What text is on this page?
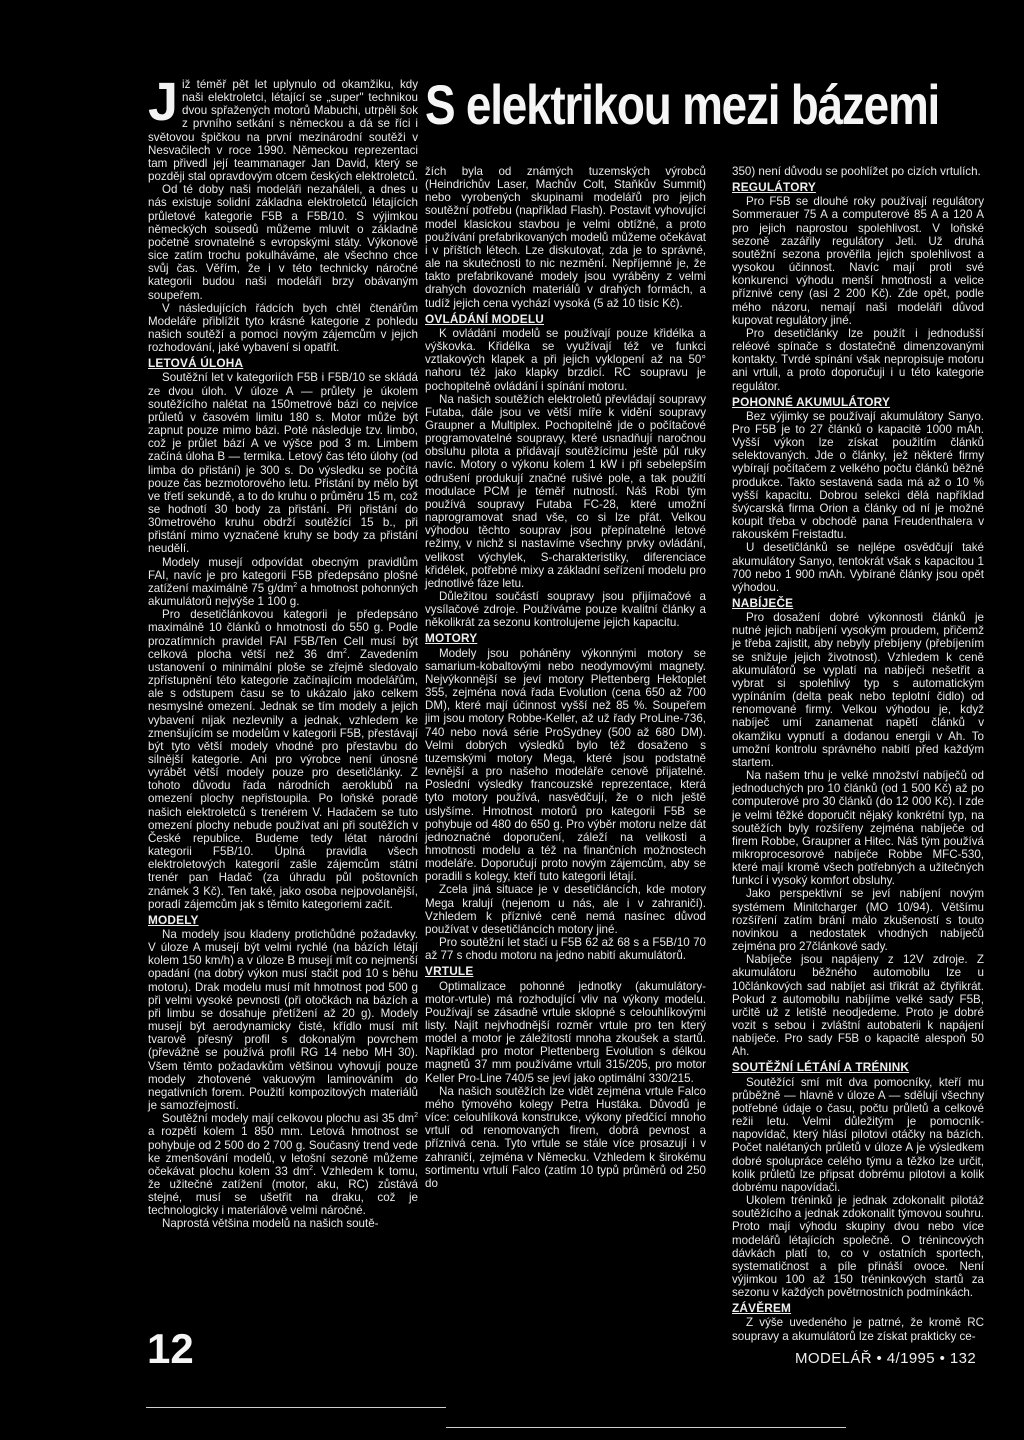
S elektrikou mezi bázemi

Již téměř pět let uplynulo od okamžiku, kdy naši elektroletci, létající se „super" technikou dvou spřažených motorů Mabuchi, utrpěli šok z prvního setkání s německou a dá se říci i světovou špičkou na první mezinárodní soutěži v Nesvačilech v roce 1990. Německou reprezentaci tam přivedl její teammanager Jan David, který se později stal opravdovým otcem českých elektroletců.

Od té doby naši modeláři nezaháleli, a dnes u nás existuje solidní základna elektroletců létajících průletové kategorie F5B a F5B/10. S výjimkou německých sousedů můžeme mluvit o základně početně srovnatelné s evropskými státy. Výkonově sice zatím trochu pokulháváme, ale všechno chce svůj čas. Věřím, že i v této technicky náročné kategorii budou naši modeláři brzy obávaným soupeřem.

V následujících řádcích bych chtěl čtenářům Modeláře přiblížit tyto krásné kategorie z pohledu našich soutěží a pomoci novým zájemcům v jejich rozhodování, jaké vybavení si opatřit.

LETOVÁ ÚLOHA

Soutěžní let v kategoriích F5B i F5B/10 se skládá ze dvou úloh. V úloze A — průlety je úkolem soutěžícího nalétat na 150metrové bázi co nejvíce průletů v časovém limitu 180 s. Motor může být zapnut pouze mimo bázi. Poté následuje tzv. limbo, což je průlet bází A ve výšce pod 3 m. Limbem začíná úloha B — termika. Letový čas této úlohy (od limba do přistání) je 300 s. Do výsledku se počítá pouze čas bezmotorového letu. Přistání by mělo být ve třetí sekundě, a to do kruhu o průměru 15 m, což se hodnotí 30 body za přistání. Při přistání do 30metrového kruhu obdrží soutěžící 15 b., při přistání mimo vyznačené kruhy se body za přistání neudělí.

Modely musejí odpovídat obecným pravidlům FAI, navíc je pro kategorii F5B předepsáno plošné zatížení maximálně 75 $g/dm^2$ a hmotnost pohonných akumulátorů nejvýše 1 100 g.

Pro desetičlánkovou kategorii je předepsáno maximálně 10 článků o hmotnosti do 550 g. Podle prozatímních pravidel FAI F5B/Ten Cell musí být celková plocha větší než 36 $dm^2$. Zavedením ustanovení o minimální ploše se zřejmě sledovalo zpřístupnění této kategorie začínajícím modelářům, ale s odstupem času se to ukázalo jako celkem nesmyslné omezení. Jednak se tím modely a jejich vybavení nijak nezlevnily a jednak, vzhledem ke zmenšujícím se modelům v kategorii F5B, přestávají být tyto větší modely vhodné pro přestavbu do silnější kategorie. Ani pro výrobce není únosné vyrábět větší modely pouze pro desetičlánky. Z tohoto důvodu řada národních aeroklubů na omezení plochy nepřistoupila. Po loňské poradě našich elektroletců s trenérem V. Hadačem se tuto omezení plochy nebude používat ani při soutěžích v České republice. Budeme tedy létat národní kategorii F5B/10. Úplná pravidla všech elektroletových kategorií zašle zájemcům státní trenér pan Hadač (za úhradu půl poštovních známek 3 Kč). Ten také, jako osoba nejpovolanější, poradí zájemcům jak s těmito kategoriemi začít.

MODELY

Na modely jsou kladeny protichůdné požadavky. V úloze A musejí být velmi rychlé (na bázích létají kolem 150 km/h) a v úloze B musejí mít co nejmenší opadání (na dobrý výkon musí stačit pod 10 s běhu motoru). Drak modelu musí mít hmotnost pod 500 g při velmi vysoké pevnosti (při otočkách na bázích a při limbu se dosahuje přetížení až 20 g). Modely musejí být aerodynamicky čisté, křídlo musí mít tvarově přesný profil s dokonalým povrchem (převážně se používá profil RG 14 nebo MH 30). Všem těmto požadavkům většinou vyhovují pouze modely zhotovené vakuovým laminováním do negativních forem. Použití kompozitových materiálů je samozřejmostí.

Soutěžní modely mají celkovou plochu asi 35 $dm^2$ a rozpětí kolem 1 850 mm. Letová hmotnost se pohybuje od 2 500 do 2 700 g. Současný trend vede ke zmenšování modelů, v letošní sezoně můžeme očekávat plochu kolem 33 $dm^2$. Vzhledem k tomu, že užitečné zatížení (motor, aku, RC) zůstává stejné, musí se ušetřit na draku, což je technologicky i materiálově velmi náročné.

Naprostá většina modelů na našich soutě-

žích byla od známých tuzemských výrobců (Heindrichův Laser, Machův Colt, Staňkův Summit) nebo vyrobených skupinami modelářů pro jejich soutěžní potřebu (například Flash). Postavit vyhovující model klasickou stavbou je velmi obtížné, a proto používání prefabrikovaných modelů můžeme očekávat i v příštích létech. Lze diskutovat, zda je to správné, ale na skutečnosti to nic nezmění. Nepříjemné je, že takto prefabrikované modely jsou vyráběny z velmi drahých dovozních materiálů v drahých formách, a tudíž jejich cena vychází vysoká (5 až 10 tisíc Kč).

OVLÁDÁNÍ MODELU

K ovládání modelů se používají pouze křidélka a výškovka. Křidélka se využívají též ve funkci vztlakových klapek a při jejich vyklopení až na 50° nahoru též jako klapky brzdicí. RC soupravu je pochopitelně ovládání i spínání motoru.

Na našich soutěžích elektroletů převládají soupravy Futaba, dále jsou ve větší míře k vidění soupravy Graupner a Multiplex. Pochopitelně jde o počítačové programovatelné soupravy, které usnadňují naročnou obsluhu pilota a přidávají soutěžícímu ještě půl ruky navíc. Motory o výkonu kolem 1 kW i při sebelepším odrušení produkují značné rušivé pole, a tak použití modulace PCM je téměř nutností. Náš Robi tým používá soupravy Futaba FC-28, které umožní naprogramovat snad vše, co si lze přát. Velkou výhodou těchto souprav jsou přepínatelné letové režimy, v nichž si nastavíme všechny prvky ovládání, velikost výchylek, S-charakteristiky, diferenciace křidélek, potřebné mixy a základní seřízení modelu pro jednotlivé fáze letu.

Důležitou součástí soupravy jsou přijímačové a vysílačové zdroje. Používáme pouze kvalitní články a několikrát za sezonu kontrolujeme jejich kapacitu.

MOTORY

Modely jsou poháněny výkonnými motory se samarium-kobaltovými nebo neodymovými magnety. Nejvýkonnější se jeví motory Plettenberg Hektoplet 355, zejména nová řada Evolution (cena 650 až 700 DM), které mají účinnost vyšší než 85 %. Soupeřem jim jsou motory Robbe-Keller, až už řady ProLine-736, 740 nebo nová série ProSydney (500 až 680 DM). Velmi dobrých výsledků bylo též dosaženo s tuzemskými motory Mega, které jsou podstatně levnější a pro našeho modeláře cenově přijatelné. Poslední výsledky francouzské reprezentace, která tyto motory používá, nasvědčují, že o nich ještě uslyšíme. Hmotnost motorů pro kategorii F5B se pohybuje od 480 do 650 g. Pro výběr motoru nelze dát jednoznačné doporučení, záleží na velikosti a hmotnosti modelu a též na finančních možnostech modeláře. Doporučují proto novým zájemcům, aby se poradili s kolegy, kteří tuto kategorii létají.

Zcela jiná situace je v desetičláncích, kde motory Mega kralují (nejenom u nás, ale i v zahraničí). Vzhledem k příznivé ceně nemá nasínec důvod používat v desetičláncích motory jiné.

Pro soutěžní let stačí u F5B 62 až 68 s a F5B/10 70 až 77 s chodu motoru na jedno nabití akumulátorů.

VRTULE

Optimalizace pohonné jednotky (akumulátory-motor-vrtule) má rozhodující vliv na výkony modelu. Používají se zásadně vrtule sklopné s celouhlíkovými listy. Najít nejvhodnější rozměr vrtule pro ten který model a motor je záležitostí mnoha zkoušek a startů. Například pro motor Plettenberg Evolution s délkou magnetů 37 mm používáme vrtuli 315/205, pro motor Keller Pro-Line 740/5 se jeví jako optimální 330/215.

Na našich soutěžích lze vidět zejména vrtule Falco mého týmového kolegy Petra Hustáka. Důvodů je více: celouhlíková konstrukce, výkony předčící mnoho vrtulí od renomovaných firem, dobrá pevnost a příznivá cena. Tyto vrtule se stále více prosazují i v zahraničí, zejména v Německu. Vzhledem k širokému sortimentu vrtulí Falco (zatím 10 typů průměrů od 250 do

350) není důvodu se poohlížet po cizích vrtulích.

REGULÁTORY

Pro F5B se dlouhé roky používají regulátory Sommerauer 75 A a computerové 85 A a 120 A pro jejich naprostou spolehlivost. V loňské sezoně zazářily regulátory Jeti. Už druhá soutěžní sezona prověřila jejich spolehlivost a vysokou účinnost. Navíc mají proti své konkurenci výhodu menší hmotnosti a velice příznivé ceny (asi 2 200 Kč). Zde opět, podle mého názoru, nemají naši modeláři důvod kupovat regulátory jiné.

Pro desetičlánky lze použít i jednodušší reléové spínače s dostatečně dimenzovanými kontakty. Tvrdé spínání však nepropisuje motoru ani vrtuli, a proto doporučuji i u této kategorie regulátor.

POHONNÉ AKUMULÁTORY

Bez výjimky se používají akumulátory Sanyo. Pro F5B je to 27 článků o kapacitě 1000 mAh. Vyšší výkon lze získat použitím článků selektovaných. Jde o články, jež některé firmy vybírají počítačem z velkého počtu článků běžné produkce. Takto sestavená sada má až o 10 % vyšší kapacitu. Dobrou selekci dělá například švýcarská firma Orion a články od ní je možné koupit třeba v obchodě pana Freudenthalera v rakouském Freistadtu.

U desetičlánků se nejlépe osvědčují také akumulátory Sanyo, tentokrát však s kapacitou 1 700 nebo 1 900 mAh. Vybírané články jsou opět výhodou.

NABÍJEČE

Pro dosažení dobré výkonnosti článků je nutné jejich nabíjení vysokým proudem, přičemž je třeba zajistit, aby nebyly přebíjeny (přebíjením se snižuje jejich životnost). Vzhledem k ceně akumulátorů se vyplatí na nabíječi nešetřit a vybrat si spolehlivý typ s automatickým vypínáním (delta peak nebo teplotní čidlo) od renomované firmy. Velkou výhodou je, když nabíječ umí zanamenat napětí článků v okamžiku vypnutí a dodanou energii v Ah. To umožní kontrolu správného nabití před každým startem.

Na našem trhu je velké množství nabíječů od jednoduchých pro 10 článků (od 1 500 Kč) až po computerové pro 30 článků (do 12 000 Kč). I zde je velmi těžké doporučit nějaký konkrétní typ, na soutěžích byly rozšířeny zejména nabíječe od firem Robbe, Graupner a Hitec. Náš tým používá mikroprocesorové nabíječe Robbe MFC-530, které mají kromě všech potřebných a užitečných funkcí i vysoký komfort obsluhy.

Jako perspektivní se jeví nabíjení novým systémem Minitcharger (MO 10/94). Většímu rozšíření zatím brání málo zkušeností s touto novinkou a nedostatek vhodných nabíječů zejména pro 27článkové sady.

Nabíječe jsou napájeny z 12V zdroje. Z akumulátoru běžného automobilu lze u 10článkových sad nabíjet asi třikrát až čtyřikrát. Pokud z automobilu nabíjíme velké sady F5B, určitě už z letiště neodjedeme. Proto je dobré vozit s sebou i zvláštní autobaterii k napájení nabíječe. Pro sady F5B o kapacitě alespoň 50 Ah.

SOUTĚŽNÍ LÉTÁNÍ A TRÉNINK

Soutěžící smí mít dva pomocníky, kteří mu průběžně — hlavně v úloze A — sdělují všechny potřebné údaje o času, počtu průletů a celkové režii letu. Velmi důležitým je pomocník-napovídač, který hlásí pilotovi otáčky na bázích. Počet nalétaných průletů v úloze A je výsledkem dobré spolupráce celého týmu a těžko lze určit, kolik průletů lze připsat dobrému pilotovi a kolik dobrému napovídači.

Ukolem tréninků je jednak zdokonalit pilotáž soutěžícího a jednak zdokonalit týmovou souhru. Proto mají výhodu skupiny dvou nebo více modelářů létajících společně. O trénincových dávkách platí to, co v ostatních sportech, systematičnost a píle přináší ovoce. Není výjimkou 100 až 150 tréninkových startů za sezonu v každých povětrnostních podmínkách.

ZÁVĚREM

Z výše uvedeného je patrné, že kromě RC soupravy a akumulátorů lze získat prakticky ce-

12	MODELÁŘ • 4/1995 • 132
